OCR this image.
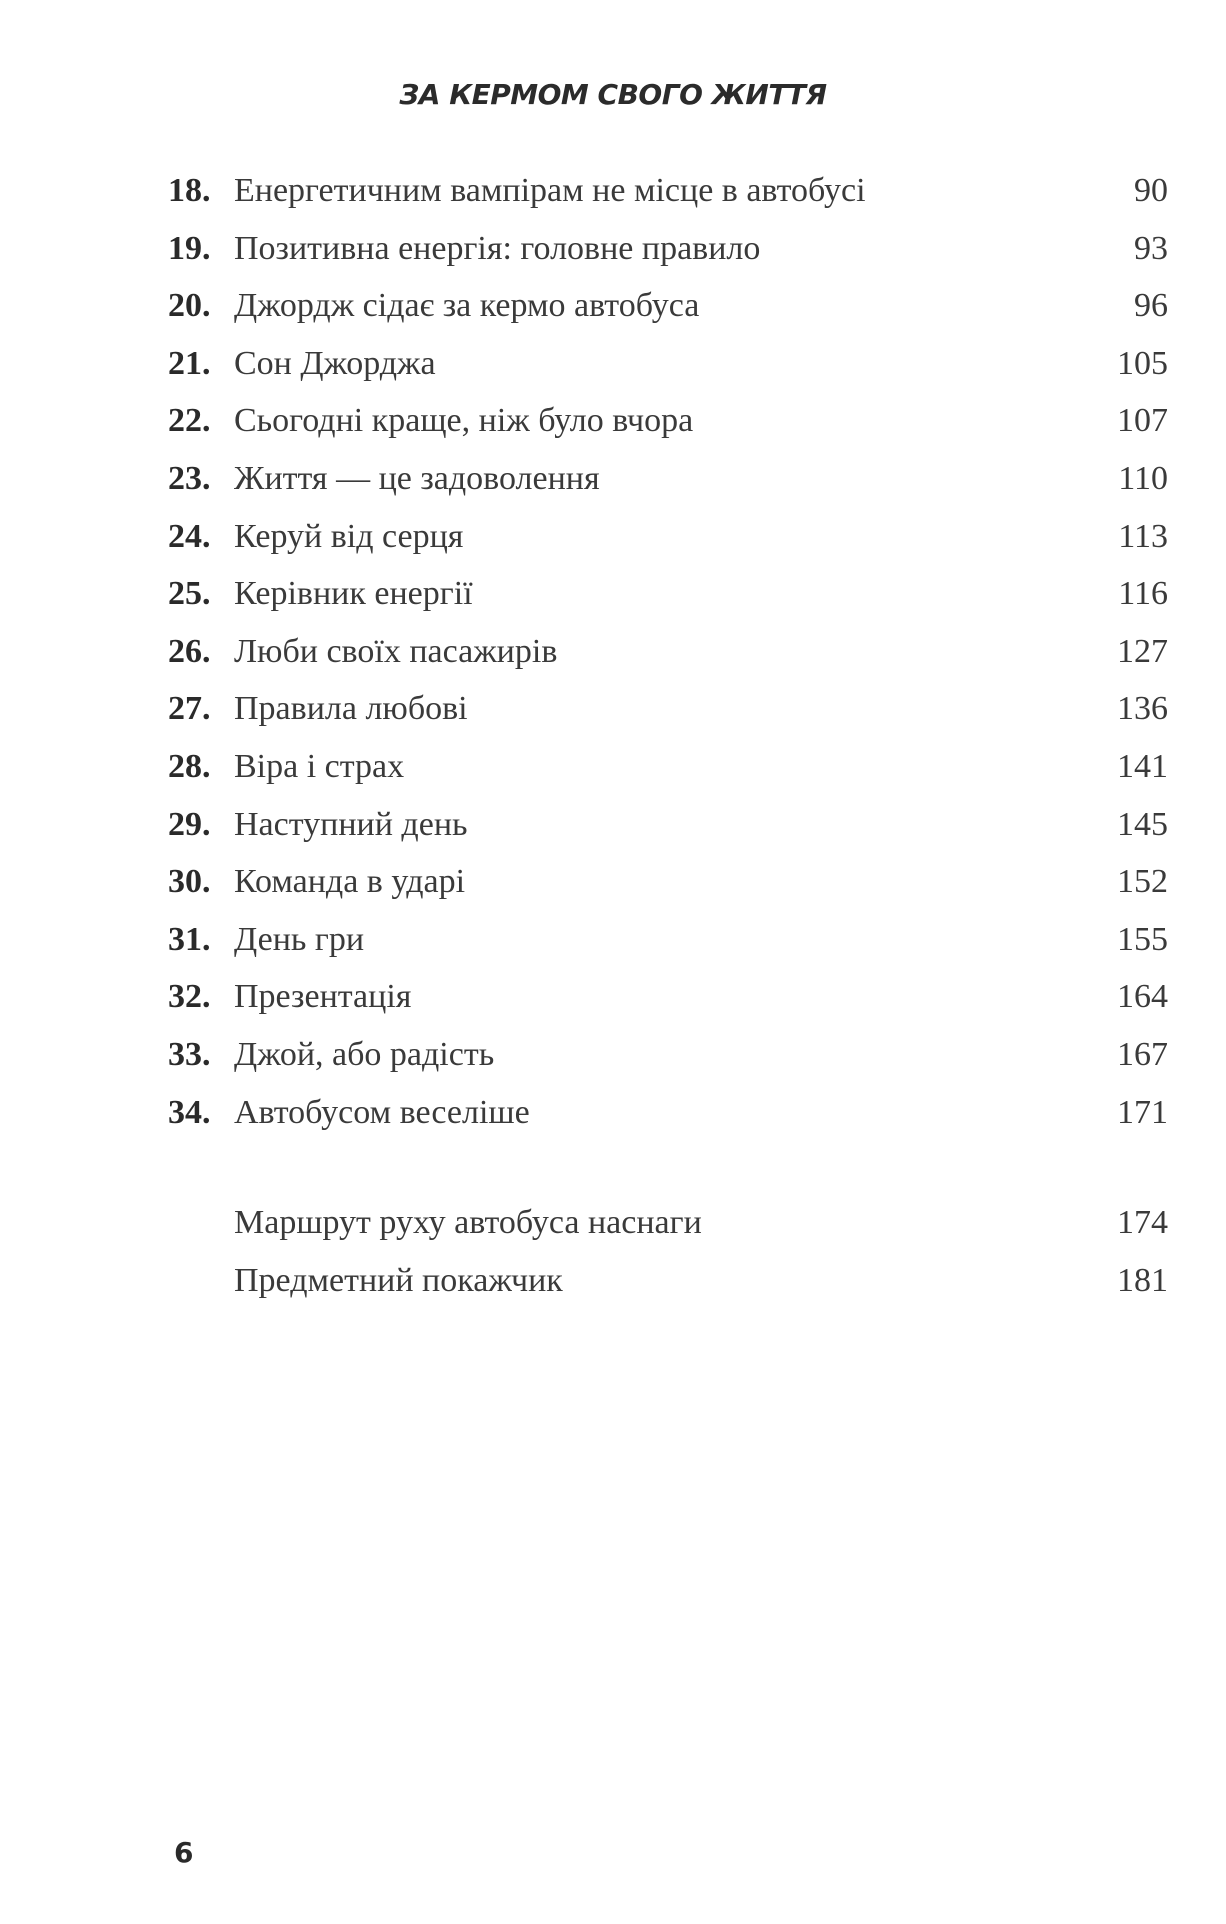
ЗА КЕРМОМ СВОГО ЖИТТЯ
18. Енергетичним вампірам не місце в автобусі	90
19. Позитивна енергія: головне правило	93
20. Джордж сідає за кермо автобуса	96
21. Сон Джорджа	105
22. Сьогодні краще, ніж було вчора	107
23. Життя — це задоволення	110
24. Керуй від серця	113
25. Керівник енергії	116
26. Люби своїх пасажирів	127
27. Правила любові	136
28. Віра і страх	141
29. Наступний день	145
30. Команда в ударі	152
31. День гри	155
32. Презентація	164
33. Джой, або радість	167
34. Автобусом веселіше	171
Маршрут руху автобуса наснаги	174
Предметний покажчик	181
6
